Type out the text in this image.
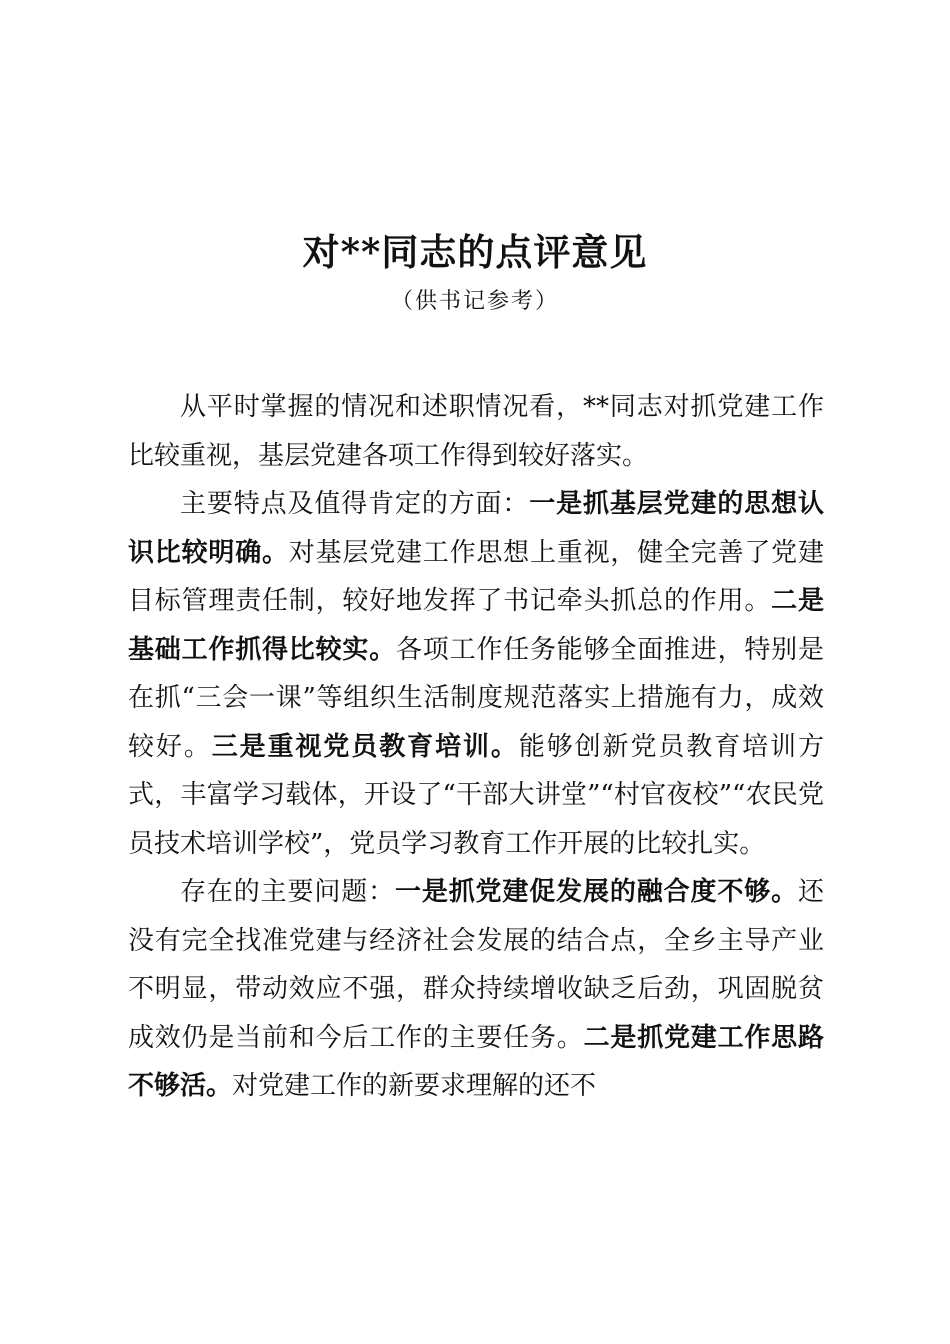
对**同志的点评意见
（供书记参考）

从平时掌握的情况和述职情况看，**同志对抓党建工作比较重视，基层党建各项工作得到较好落实。

主要特点及值得肯定的方面：一是抓基层党建的思想认识比较明确。对基层党建工作思想上重视，健全完善了党建目标管理责任制，较好地发挥了书记牵头抓总的作用。二是基础工作抓得比较实。各项工作任务能够全面推进，特别是在抓“三会一课”等组织生活制度规范落实上措施有力，成效较好。三是重视党员教育培训。能够创新党员教育培训方式，丰富学习载体，开设了“干部大讲堂”“村官夜校”“农民党员技术培训学校”，党员学习教育工作开展的比较扎实。

存在的主要问题：一是抓党建促发展的融合度不够。还没有完全找准党建与经济社会发展的结合点，全乡主导产业不明显，带动效应不强，群众持续增收缺乏后劲，巩固脱贫成效仍是当前和今后工作的主要任务。二是抓党建工作思路不够活。对党建工作的新要求理解的还不
